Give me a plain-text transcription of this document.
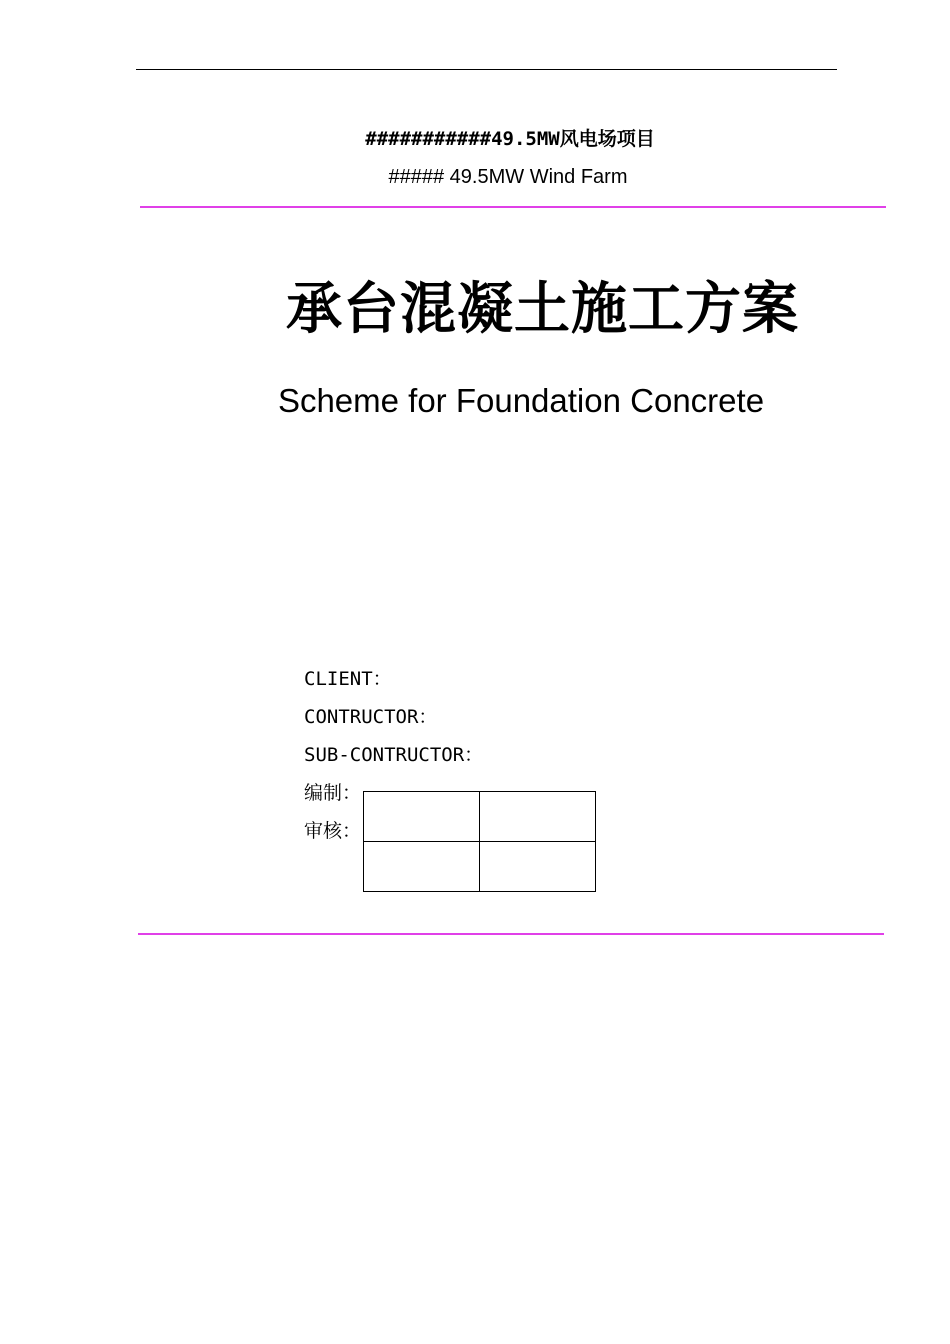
###########49.5MW风电场项目
##### 49.5MW Wind Farm
承台混凝土施工方案
Scheme for Foundation Concrete
CLIENT：
CONTRUCTOR：
SUB-CONTRUCTOR：
编制：
审核：
